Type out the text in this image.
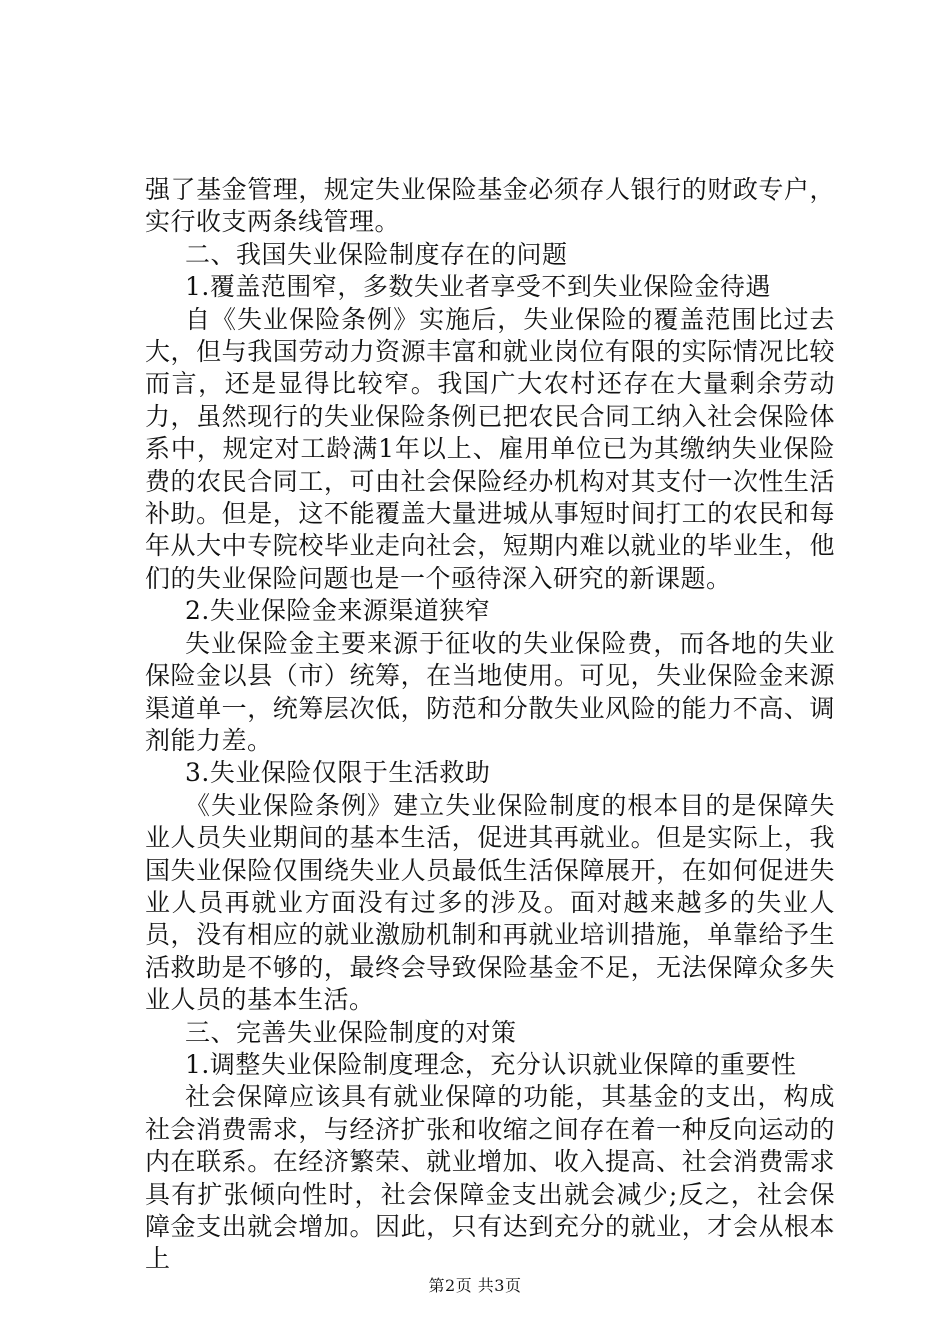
强了基金管理，规定失业保险基金必须存人银行的财政专户，实行收支两条线管理。

二、我国失业保险制度存在的问题

1.覆盖范围窄，多数失业者享受不到失业保险金待遇

自《失业保险条例》实施后，失业保险的覆盖范围比过去大，但与我国劳动力资源丰富和就业岗位有限的实际情况比较而言，还是显得比较窄。我国广大农村还存在大量剩余劳动力，虽然现行的失业保险条例已把农民合同工纳入社会保险体系中，规定对工龄满1年以上、雇用单位已为其缴纳失业保险费的农民合同工，可由社会保险经办机构对其支付一次性生活补助。但是，这不能覆盖大量进城从事短时间打工的农民和每年从大中专院校毕业走向社会，短期内难以就业的毕业生，他们的失业保险问题也是一个亟待深入研究的新课题。

2.失业保险金来源渠道狭窄

失业保险金主要来源于征收的失业保险费，而各地的失业保险金以县（市）统筹，在当地使用。可见，失业保险金来源渠道单一，统筹层次低，防范和分散失业风险的能力不高、调剂能力差。

3.失业保险仅限于生活救助

《失业保险条例》建立失业保险制度的根本目的是保障失业人员失业期间的基本生活，促进其再就业。但是实际上，我国失业保险仅围绕失业人员最低生活保障展开，在如何促进失业人员再就业方面没有过多的涉及。面对越来越多的失业人员，没有相应的就业激励机制和再就业培训措施，单靠给予生活救助是不够的，最终会导致保险基金不足，无法保障众多失业人员的基本生活。

三、完善失业保险制度的对策

1.调整失业保险制度理念，充分认识就业保障的重要性

社会保障应该具有就业保障的功能，其基金的支出，构成社会消费需求，与经济扩张和收缩之间存在着一种反向运动的内在联系。在经济繁荣、就业增加、收入提高、社会消费需求具有扩张倾向性时，社会保障金支出就会减少;反之，社会保障金支出就会增加。因此，只有达到充分的就业，才会从根本上

第2页 共3页
